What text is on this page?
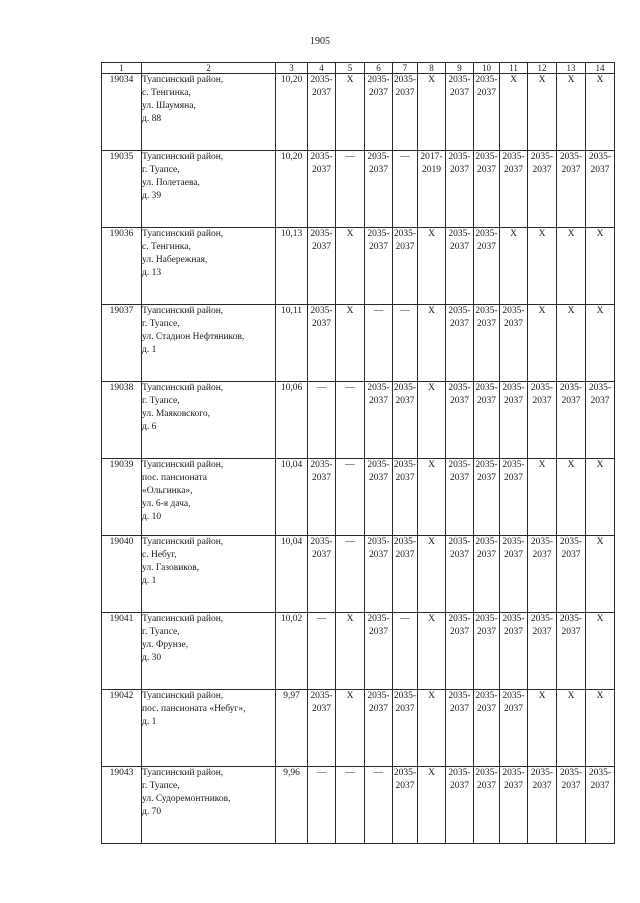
1905
1	2	3	4	5	6	7	8	9	10	11	12	13	14
19034	Туапсинский район,
с. Тенгинка,
ул. Шаумяна,
д. 88	10,20	2035-
2037	X	2035-
2037	2035-
2037	X	2035-
2037	2035-
2037	X	X	X	X

19035	Туапсинский район,
г. Туапсе,
ул. Полетаева,
д. 39	10,20	2035-
2037	—	2035-
2037	—	2017-
2019	2035-
2037	2035-
2037	2035-
2037	2035-
2037	2035-
2037	2035-
2037

19036	Туапсинский район,
с. Тенгинка,
ул. Набережная,
д. 13	10,13	2035-
2037	X	2035-
2037	2035-
2037	X	2035-
2037	2035-
2037	X	X	X	X

19037	Туапсинский район,
г. Туапсе,
ул. Стадион Нефтяников,
д. 1	10,11	2035-
2037	X	—	—	X	2035-
2037	2035-
2037	2035-
2037	X	X	X

19038	Туапсинский район,
г. Туапсе,
ул. Маяковского,
д. 6	10,06	—	—	2035-
2037	2035-
2037	X	2035-
2037	2035-
2037	2035-
2037	2035-
2037	2035-
2037	2035-
2037

19039	Туапсинский район,
пос. пансионата
«Ольгинка»,
ул. 6-я дача,
д. 10	10,04	2035-
2037	—	2035-
2037	2035-
2037	X	2035-
2037	2035-
2037	2035-
2037	X	X	X

19040	Туапсинский район,
с. Небуг,
ул. Газовиков,
д. 1	10,04	2035-
2037	—	2035-
2037	2035-
2037	X	2035-
2037	2035-
2037	2035-
2037	2035-
2037	2035-
2037	X

19041	Туапсинский район,
г. Туапсе,
ул. Фрунзе,
д. 30	10,02	—	X	2035-
2037	—	X	2035-
2037	2035-
2037	2035-
2037	2035-
2037	2035-
2037	X

19042	Туапсинский район,
пос. пансионата «Небуг»,
д. 1	9,97	2035-
2037	X	2035-
2037	2035-
2037	X	2035-
2037	2035-
2037	2035-
2037	X	X	X

19043	Туапсинский район,
г. Туапсе,
ул. Судоремонтников,
д. 70	9,96	—	—	—	2035-
2037	X	2035-
2037	2035-
2037	2035-
2037	2035-
2037	2035-
2037	2035-
2037
